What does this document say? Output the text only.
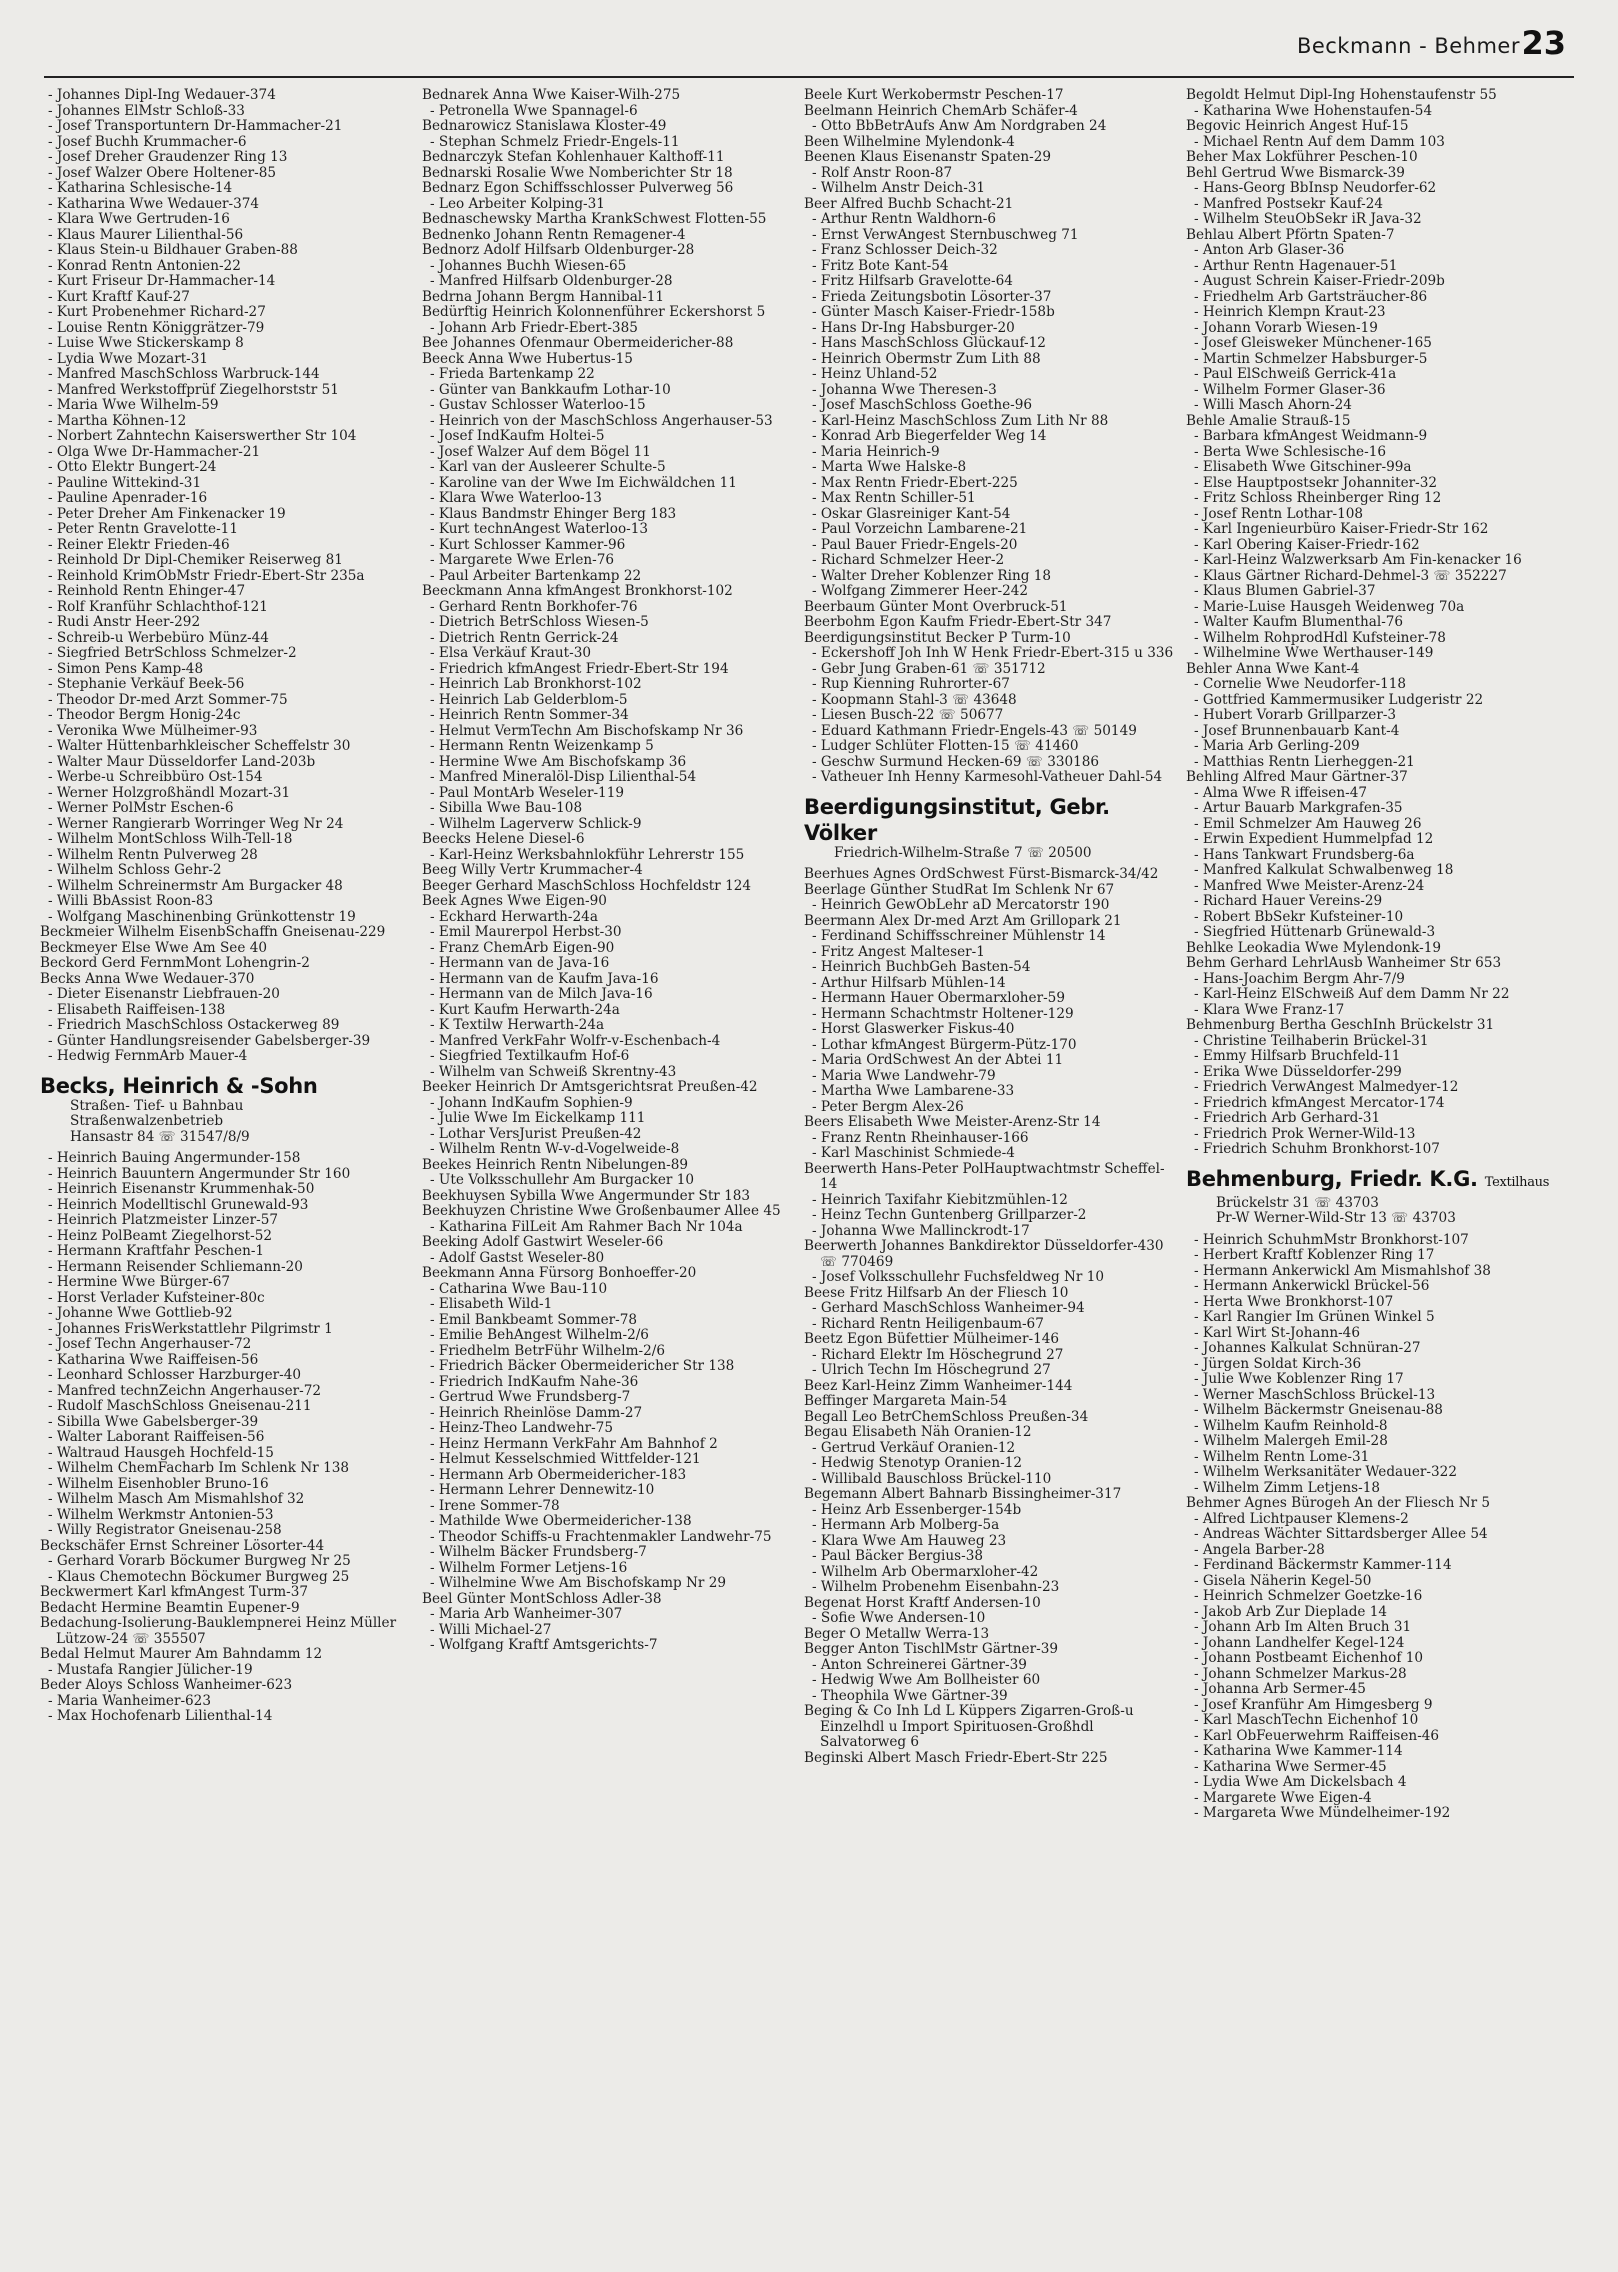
Beckmann - Behmer 23
- Johannes Dipl-Ing Wedauer-374
- Johannes ElMstr Schloß-33
- Josef Transportuntern Dr-Hammacher-21
- Josef Buchh Krummacher-6
- Josef Dreher Graudenzer Ring 13
- Josef Walzer Obere Holtener-85
- Katharina Schlesische-14
- Katharina Wwe Wedauer-374
- Klara Wwe Gertruden-16
- Klaus Maurer Lilienthal-56
- Klaus Stein-u Bildhauer Graben-88
- Konrad Rentn Antonien-22
- Kurt Friseur Dr-Hammacher-14
- Kurt Kraftf Kauf-27
- Kurt Probenehmer Richard-27
- Louise Rentn Königgrätzer-79
- Luise Wwe Stickerskamp 8
- Lydia Wwe Mozart-31
- Manfred MaschSchloss Warbruck-144
- Manfred Werkstoffprüf Ziegelhorststr 51
- Maria Wwe Wilhelm-59
- Martha Köhnen-12
- Norbert Zahntechn Kaiserswerther Str 104
- Olga Wwe Dr-Hammacher-21
- Otto Elektr Bungert-24
- Pauline Wittekind-31
- Pauline Apenrader-16
- Peter Dreher Am Finkenacker 19
- Peter Rentn Gravelotte-11
- Reiner Elektr Frieden-46
- Reinhold Dr Dipl-Chemiker Reiserweg 81
- Reinhold KrimObMstr Friedr-Ebert-Str 235a
- Reinhold Rentn Ehinger-47
- Rolf Kranführ Schlachthof-121
- Rudi Anstr Heer-292
- Schreib-u Werbebüro Münz-44
- Siegfried BetrSchloss Schmelzer-2
- Simon Pens Kamp-48
- Stephanie Verkäuf Beek-56
- Theodor Dr-med Arzt Sommer-75
- Theodor Bergm Honig-24c
- Veronika Wwe Mülheimer-93
- Walter Hüttenbarhkleischer Scheffelstr 30
- Walter Maur Düsseldorfer Land-203b
- Werbe-u Schreibbüro Ost-154
- Werner Holzgroßhändl Mozart-31
- Werner PolMstr Eschen-6
- Werner Rangierarb Worringer Weg Nr 24
- Wilhelm MontSchloss Wilh-Tell-18
- Wilhelm Rentn Pulverweg 28
- Wilhelm Schloss Gehr-2
- Wilhelm Schreinermstr Am Burgacker 48
- Willi BbAssist Roon-83
- Wolfgang Maschinenbing Grünkottenstr 19
Beckmeier Wilhelm EisenbSchaffn Gneisenau-229
Beckmeyer Else Wwe Am See 40
Beckord Gerd FernmMont Lohengrin-2
Becks Anna Wwe Wedauer-370
- Dieter Eisenanstr Liebfrauen-20
- Elisabeth Raiffeisen-138
- Friedrich MaschSchloss Ostackerweg 89
- Günter Handlungsreisender Gabelsberger-39
- Hedwig FernmArb Mauer-4
Becks, Heinrich & -Sohn
Straßen- Tief- u Bahnbau
Straßenwalzenbetrieb
Hansastr 84 ☏ 31547/8/9
- Heinrich Bauing Angermunder-158
- Heinrich Bauuntern Angermunder Str 160
- Heinrich Eisenanstr Krummenhak-50
- Heinrich Modelltischl Grunewald-93
- Heinrich Platzmeister Linzer-57
- Heinz PolBeamt Ziegelhorst-52
- Hermann Kraftfahr Peschen-1
- Hermann Reisender Schliemann-20
- Hermine Wwe Bürger-67
- Horst Verlader Kufsteiner-80c
- Johanne Wwe Gottlieb-92
- Johannes FrisWerkstattlehr Pilgrimstr 1
- Josef Techn Angerhauser-72
- Katharina Wwe Raiffeisen-56
- Leonhard Schlosser Harzburger-40
- Manfred technZeichn Angerhauser-72
- Rudolf MaschSchloss Gneisenau-211
- Sibilla Wwe Gabelsberger-39
- Walter Laborant Raiffeisen-56
- Waltraud Hausgeh Hochfeld-15
- Wilhelm ChemFacharb Im Schlenk Nr 138
- Wilhelm Eisenhobler Bruno-16
- Wilhelm Masch Am Mismahlshof 32
- Wilhelm Werkmstr Antonien-53
- Willy Registrator Gneisenau-258
Beckschäfer Ernst Schreiner Lösorter-44
- Gerhard Vorarb Böckumer Burgweg Nr 25
- Klaus Chemotechn Böckumer Burgweg 25
Beckwermert Karl kfmAngest Turm-37
Bedacht Hermine Beamtin Eupener-9
Bedachung-Isolierung-Bauklempnerei Heinz Müller Lützow-24 ☏ 355507
Bedal Helmut Maurer Am Bahndamm 12
- Mustafa Rangier Jülicher-19
Beder Aloys Schloss Wanheimer-623
- Maria Wanheimer-623
- Max Hochofenarb Lilienthal-14
Bednarek Anna Wwe Kaiser-Wilh-275
- Petronella Wwe Spannagel-6
Bednarowicz Stanislawa Kloster-49
- Stephan Schmelz Friedr-Engels-11
Bednarczyk Stefan Kohlenhauer Kalthoff-11
Bednarski Rosalie Wwe Nomberichter Str 18
Bednarz Egon Schiffsschlosser Pulverweg 56
- Leo Arbeiter Kolping-31
Bednaschewsky Martha KrankSchwest Flotten-55
Bednenko Johann Rentn Remagener-4
Bednorz Adolf Hilfsarb Oldenburger-28
- Johannes Buchh Wiesen-65
- Manfred Hilfsarb Oldenburger-28
Bedrna Johann Bergm Hannibal-11
Bedürftig Heinrich Kolonnenführer Eckershorst 5
- Johann Arb Friedr-Ebert-385
Bee Johannes Ofenmaur Obermeidericher-88
Beeck Anna Wwe Hubertus-15
- Frieda Bartenkamp 22
- Günter van Bankkaufm Lothar-10
- Gustav Schlosser Waterloo-15
- Heinrich von der MaschSchloss Angerhauser-53
- Josef IndKaufm Holtei-5
- Josef Walzer Auf dem Bögel 11
- Karl van der Ausleerer Schulte-5
- Karoline van der Wwe Im Eichwäldchen 11
- Klara Wwe Waterloo-13
- Klaus Bandmstr Ehinger Berg 183
- Kurt technAngest Waterloo-13
- Kurt Schlosser Kammer-96
- Margarete Wwe Erlen-76
- Paul Arbeiter Bartenkamp 22
Beeckmann Anna kfmAngest Bronkhorst-102
- Gerhard Rentn Borkhofer-76
- Dietrich BetrSchloss Wiesen-5
- Dietrich Rentn Gerrick-24
- Elsa Verkäuf Kraut-30
- Friedrich kfmAngest Friedr-Ebert-Str 194
- Heinrich Lab Bronkhorst-102
- Heinrich Lab Gelderblom-5
- Heinrich Rentn Sommer-34
- Helmut VermTechn Am Bischofskamp Nr 36
- Hermann Rentn Weizenkamp 5
- Hermine Wwe Am Bischofskamp 36
- Manfred Mineralöl-Disp Lilienthal-54
- Paul MontArb Weseler-119
- Sibilla Wwe Bau-108
- Wilhelm Lagerverw Schlick-9
Beecks Helene Diesel-6
- Karl-Heinz Werksbahnlokführ Lehrerstr 155
Beeg Willy Vertr Krummacher-4
Beeger Gerhard MaschSchloss Hochfeldstr 124
Beek Agnes Wwe Eigen-90
- Eckhard Herwarth-24a
- Emil Maurerpol Herbst-30
- Franz ChemArb Eigen-90
- Hermann van de Java-16
- Hermann van de Kaufm Java-16
- Hermann van de Milch Java-16
- Kurt Kaufm Herwarth-24a
- K Textilw Herwarth-24a
- Manfred VerkFahr Wolfr-v-Eschenbach-4
- Siegfried Textilkaufm Hof-6
- Wilhelm van Schweiß Skrentny-43
Beeker Heinrich Dr Amtsgerichtsrat Preußen-42
- Johann IndKaufm Sophien-9
- Julie Wwe Im Eickelkamp 111
- Lothar VersJurist Preußen-42
- Wilhelm Rentn W-v-d-Vogelweide-8
Beekes Heinrich Rentn Nibelungen-89
- Ute Volksschullehr Am Burgacker 10
Beekhuysen Sybilla Wwe Angermunder Str 183
Beekhuyzen Christine Wwe Großenbaumer Allee 45
- Katharina FilLeit Am Rahmer Bach Nr 104a
Beeking Adolf Gastwirt Weseler-66
- Adolf Gastst Weseler-80
Beekmann Anna Fürsorg Bonhoeffer-20
- Catharina Wwe Bau-110
- Elisabeth Wild-1
- Emil Bankbeamt Sommer-78
- Emilie BehAngest Wilhelm-2/6
- Friedhelm BetrFühr Wilhelm-2/6
- Friedrich Bäcker Obermeidericher Str 138
- Friedrich IndKaufm Nahe-36
- Gertrud Wwe Frundsberg-7
- Heinrich Rheinlöse Damm-27
- Heinz-Theo Landwehr-75
- Heinz Hermann VerkFahr Am Bahnhof 2
- Helmut Kesselschmied Wittfelder-121
- Hermann Arb Obermeidericher-183
- Hermann Lehrer Dennewitz-10
- Irene Sommer-78
- Mathilde Wwe Obermeidericher-138
- Theodor Schiffs-u Frachtenmakler Landwehr-75
- Wilhelm Bäcker Frundsberg-7
- Wilhelm Former Letjens-16
- Wilhelmine Wwe Am Bischofskamp Nr 29
Beel Günter MontSchloss Adler-38
- Maria Arb Wanheimer-307
- Willi Michael-27
- Wolfgang Kraftf Amtsgerichts-7
Beele Kurt Werkobermstr Peschen-17
Beelmann Heinrich ChemArb Schäfer-4
- Otto BbBetrAufs Anw Am Nordgraben 24
Been Wilhelmine Mylendonk-4
Beenen Klaus Eisenanstr Spaten-29
- Rolf Anstr Roon-87
- Wilhelm Anstr Deich-31
Beer Alfred Buchb Schacht-21
- Arthur Rentn Waldhorn-6
- Ernst VerwAngest Sternbuschweg 71
- Franz Schlosser Deich-32
- Fritz Bote Kant-54
- Fritz Hilfsarb Gravelotte-64
- Frieda Zeitungsbotin Lösorter-37
- Günter Masch Kaiser-Friedr-158b
- Hans Dr-Ing Habsburger-20
- Hans MaschSchloss Glückauf-12
- Heinrich Obermstr Zum Lith 88
- Heinz Uhland-52
- Johanna Wwe Theresen-3
- Josef MaschSchloss Goethe-96
- Karl-Heinz MaschSchloss Zum Lith Nr 88
- Konrad Arb Biegerfelder Weg 14
- Maria Heinrich-9
- Marta Wwe Halske-8
- Max Rentn Friedr-Ebert-225
- Max Rentn Schiller-51
- Oskar Glasreiniger Kant-54
- Paul Vorzeichn Lambarene-21
- Paul Bauer Friedr-Engels-20
- Richard Schmelzer Heer-2
- Walter Dreher Koblenzer Ring 18
- Wolfgang Zimmerer Heer-242
Beerbaum Günter Mont Overbruck-51
Beerbohm Egon Kaufm Friedr-Ebert-Str 347
Beerdigungsinstitut Becker P Turm-10
- Eckershoff Joh Inh W Henk Friedr-Ebert-315 u 336
- Gebr Jung Graben-61 ☏ 351712
- Rup Kienning Ruhrorter-67
- Koopmann Stahl-3 ☏ 43648
- Liesen Busch-22 ☏ 50677
- Eduard Kathmann Friedr-Engels-43 ☏ 50149
- Ludger Schlüter Flotten-15 ☏ 41460
- Geschw Surmund Hecken-69 ☏ 330186
- Vatheuer Inh Henny Karmesohl-Vatheuer Dahl-54
Beerdigungsinstitut, Gebr. Völker
Friedrich-Wilhelm-Straße 7 ☏ 20500
Beerhues Agnes OrdSchwest Fürst-Bismarck-34/42
Beerlage Günther StudRat Im Schlenk Nr 67
- Heinrich GewObLehr aD Mercatorstr 190
Beermann Alex Dr-med Arzt Am Grillopark 21
- Ferdinand Schiffsschreiner Mühlenstr 14
- Fritz Angest Malteser-1
- Heinrich BuchbGeh Basten-54
- Arthur Hilfsarb Mühlen-14
- Hermann Hauer Obermarxloher-59
- Hermann Schachtmstr Holtener-129
- Horst Glaswerker Fiskus-40
- Lothar kfmAngest Bürgerm-Pütz-170
- Maria OrdSchwest An der Abtei 11
- Maria Wwe Landwehr-79
- Martha Wwe Lambarene-33
- Peter Bergm Alex-26
Beers Elisabeth Wwe Meister-Arenz-Str 14
- Franz Rentn Rheinhauser-166
- Karl Maschinist Schmiede-4
Beerwerth Hans-Peter PolHauptwachtmstr Scheffel-14
- Heinrich Taxifahr Kiebitzmühlen-12
- Heinz Techn Guntenberg Grillparzer-2
- Johanna Wwe Mallinckrodt-17
Beerwerth Johannes Bankdirektor Düsseldorfer-430 ☏ 770469
- Josef Volksschullehr Fuchsfeldweg Nr 10
Beese Fritz Hilfsarb An der Fliesch 10
- Gerhard MaschSchloss Wanheimer-94
- Richard Rentn Heiligenbaum-67
Beetz Egon Büfettier Mülheimer-146
- Richard Elektr Im Höschegrund 27
- Ulrich Techn Im Höschegrund 27
Beez Karl-Heinz Zimm Wanheimer-144
Beffinger Margareta Main-54
Begall Leo BetrChemSchloss Preußen-34
Begau Elisabeth Näh Oranien-12
- Gertrud Verkäuf Oranien-12
- Hedwig Stenotyp Oranien-12
- Willibald Bauschloss Brückel-110
Begemann Albert Bahnarb Bissingheimer-317
- Heinz Arb Essenberger-154b
- Hermann Arb Molberg-5a
- Klara Wwe Am Hauweg 23
- Paul Bäcker Bergius-38
- Wilhelm Arb Obermarxloher-42
- Wilhelm Probenehm Eisenbahn-23
Begenat Horst Kraftf Andersen-10
- Sofie Wwe Andersen-10
Beger O Metallw Werra-13
Begger Anton TischlMstr Gärtner-39
- Anton Schreinerei Gärtner-39
- Hedwig Wwe Am Bollheister 60
- Theophila Wwe Gärtner-39
Beging & Co Inh Ld L Küppers Zigarren-Groß-u Einzelhdl u Import Spirituosen-Großhdl Salvatorweg 6
Beginski Albert Masch Friedr-Ebert-Str 225
Begoldt Helmut Dipl-Ing Hohenstaufenstr 55
- Katharina Wwe Hohenstaufen-54
Begovic Heinrich Angest Huf-15
- Michael Rentn Auf dem Damm 103
Beher Max Lokführer Peschen-10
Behl Gertrud Wwe Bismarck-39
- Hans-Georg BbInsp Neudorfer-62
- Manfred Postsekr Kauf-24
- Wilhelm SteuObSekr iR Java-32
Behlau Albert Pförtn Spaten-7
- Anton Arb Glaser-36
- Arthur Rentn Hagenauer-51
- August Schrein Kaiser-Friedr-209b
- Friedhelm Arb Gartsträucher-86
- Heinrich Klempn Kraut-23
- Johann Vorarb Wiesen-19
- Josef Gleisweker Münchener-165
- Martin Schmelzer Habsburger-5
- Paul ElSchweiß Gerrick-41a
- Wilhelm Former Glaser-36
- Willi Masch Ahorn-24
Behle Amalie Strauß-15
- Barbara kfmAngest Weidmann-9
- Berta Wwe Schlesische-16
- Elisabeth Wwe Gitschiner-99a
- Else Hauptpostsekr Johanniter-32
- Fritz Schloss Rheinberger Ring 12
- Josef Rentn Lothar-108
- Karl Ingenieurbüro Kaiser-Friedr-Str 162
- Karl Obering Kaiser-Friedr-162
- Karl-Heinz Walzwerksarb Am Fin-kenacker 16
- Klaus Gärtner Richard-Dehmel-3 ☏ 352227
- Klaus Blumen Gabriel-37
- Marie-Luise Hausgeh Weidenweg 70a
- Walter Kaufm Blumenthal-76
- Wilhelm RohprodHdl Kufsteiner-78
- Wilhelmine Wwe Werthauser-149
Behler Anna Wwe Kant-4
- Cornelie Wwe Neudorfer-118
- Gottfried Kammermusiker Ludgeristr 22
- Hubert Vorarb Grillparzer-3
- Josef Brunnenbauarb Kant-4
- Maria Arb Gerling-209
- Matthias Rentn Lierheggen-21
Behling Alfred Maur Gärtner-37
- Alma Wwe R iffeisen-47
- Artur Bauarb Markgrafen-35
- Emil Schmelzer Am Hauweg 26
- Erwin Expedient Hummelpfad 12
- Hans Tankwart Frundsberg-6a
- Manfred Kalkulat Schwalbenweg 18
- Manfred Wwe Meister-Arenz-24
- Richard Hauer Vereins-29
- Robert BbSekr Kufsteiner-10
- Siegfried Hüttenarb Grünewald-3
Behlke Leokadia Wwe Mylendonk-19
Behm Gerhard LehrlAusb Wanheimer Str 653
- Hans-Joachim Bergm Ahr-7/9
- Karl-Heinz ElSchweiß Auf dem Damm Nr 22
- Klara Wwe Franz-17
Behmenburg Bertha GeschInh Brückelstr 31
- Christine Teilhaberin Brückel-31
- Emmy Hilfsarb Bruchfeld-11
- Erika Wwe Düsseldorfer-299
- Friedrich VerwAngest Malmedyer-12
- Friedrich kfmAngest Mercator-174
- Friedrich Arb Gerhard-31
- Friedrich Prok Werner-Wild-13
- Friedrich Schuhm Bronkhorst-107
Behmenburg, Friedr. K.G. Textilhaus
Brückelstr 31 ☏ 43703
Pr-W Werner-Wild-Str 13 ☏ 43703
- Heinrich SchuhmMstr Bronkhorst-107
- Herbert Kraftf Koblenzer Ring 17
- Hermann Ankerwickl Am Mismahlshof 38
- Hermann Ankerwickl Brückel-56
- Herta Wwe Bronkhorst-107
- Karl Rangier Im Grünen Winkel 5
- Karl Wirt St-Johann-46
- Johannes Kalkulat Schnüran-27
- Jürgen Soldat Kirch-36
- Julie Wwe Koblenzer Ring 17
- Werner MaschSchloss Brückel-13
- Wilhelm Bäckermstr Gneisenau-88
- Wilhelm Kaufm Reinhold-8
- Wilhelm Malergeh Emil-28
- Wilhelm Rentn Lome-31
- Wilhelm Werksanitäter Wedauer-322
- Wilhelm Zimm Letjens-18
Behmer Agnes Bürogeh An der Fliesch Nr 5
- Alfred Lichtpauser Klemens-2
- Andreas Wächter Sittardsberger Allee 54
- Angela Barber-28
- Ferdinand Bäckermstr Kammer-114
- Gisela Näherin Kegel-50
- Heinrich Schmelzer Goetzke-16
- Jakob Arb Zur Dieplade 14
- Johann Arb Im Alten Bruch 31
- Johann Landhelfer Kegel-124
- Johann Postbeamt Eichenhof 10
- Johann Schmelzer Markus-28
- Johanna Arb Sermer-45
- Josef Kranführ Am Himgesberg 9
- Karl MaschTechn Eichenhof 10
- Karl ObFeuerwehrm Raiffeisen-46
- Katharina Wwe Kammer-114
- Katharina Wwe Sermer-45
- Lydia Wwe Am Dickelsbach 4
- Margarete Wwe Eigen-4
- Margareta Wwe Mündelheimer-192
